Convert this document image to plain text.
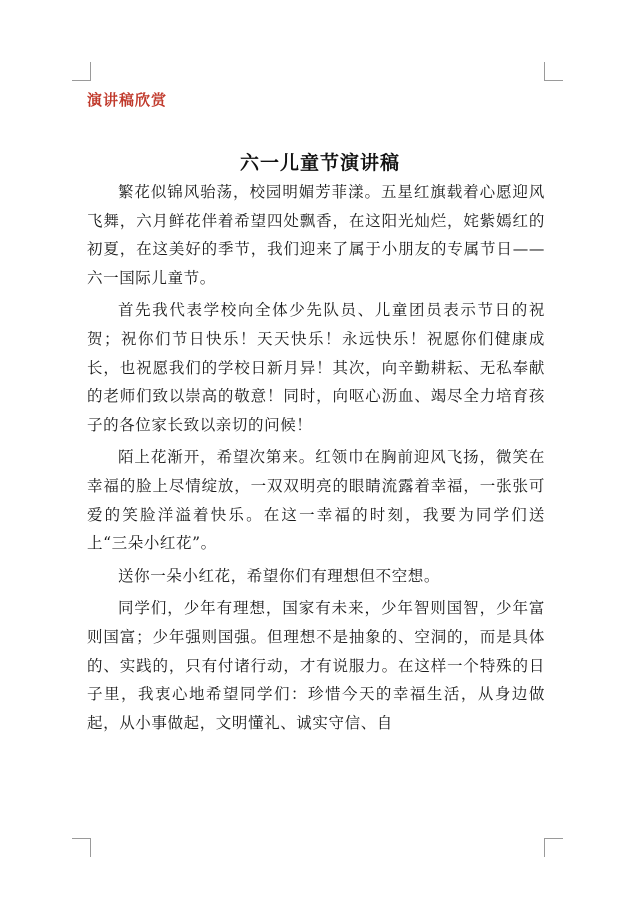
演讲稿欣赏
六一儿童节演讲稿

繁花似锦风骀荡，校园明媚芳菲漾。五星红旗载着心愿迎风飞舞，六月鲜花伴着希望四处飘香，在这阳光灿烂，姹紫嫣红的初夏，在这美好的季节，我们迎来了属于小朋友的专属节日——六一国际儿童节。

首先我代表学校向全体少先队员、儿童团员表示节日的祝贺；祝你们节日快乐！天天快乐！永远快乐！祝愿你们健康成长，也祝愿我们的学校日新月异！其次，向辛勤耕耘、无私奉献的老师们致以崇高的敬意！同时，向呕心沥血、竭尽全力培育孩子的各位家长致以亲切的问候！

陌上花渐开，希望次第来。红领巾在胸前迎风飞扬，微笑在幸福的脸上尽情绽放，一双双明亮的眼睛流露着幸福，一张张可爱的笑脸洋溢着快乐。在这一幸福的时刻，我要为同学们送上“三朵小红花”。

送你一朵小红花，希望你们有理想但不空想。

同学们，少年有理想，国家有未来，少年智则国智，少年富则国富；少年强则国强。但理想不是抽象的、空洞的，而是具体的、实践的，只有付诸行动，才有说服力。在这样一个特殊的日子里，我衷心地希望同学们：珍惜今天的幸福生活，从身边做起，从小事做起，文明懂礼、诚实守信、自
